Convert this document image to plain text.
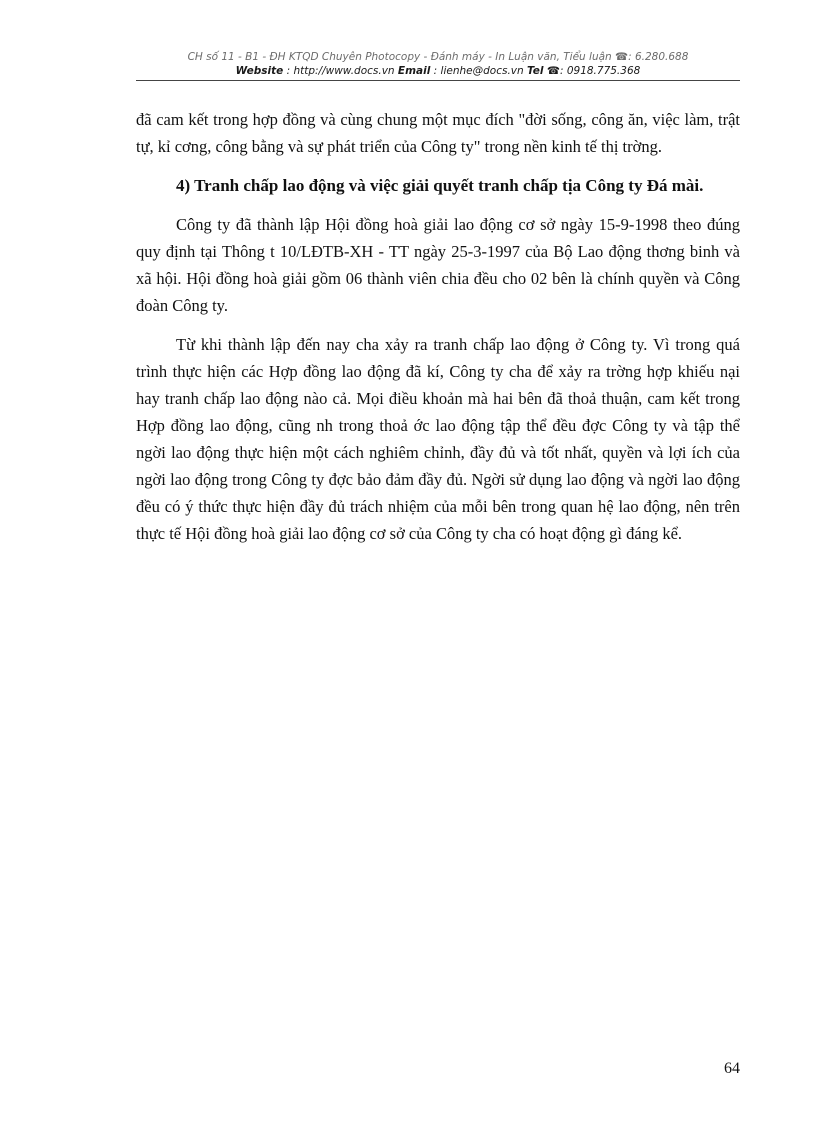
CH số 11 - B1 - ĐH KTQD Chuyên Photocopy - Đánh máy - In Luận văn, Tiểu luận ☎: 6.280.688
Website : http://www.docs.vn Email : lienhe@docs.vn Tel ☎: 0918.775.368

đã cam kết trong hợp đồng và cùng chung một mục đích "đời sống, công ăn, việc làm, trật tự, kỉ cơng, công bằng và sự phát triển của Công ty" trong nền kinh tế thị trờng.

4) Tranh chấp lao động và việc giải quyết tranh chấp tịa Công ty Đá mài.

Công ty đã thành lập Hội đồng hoà giải lao động cơ sở ngày 15-9-1998 theo đúng quy định tại Thông t 10/LĐTB-XH - TT ngày 25-3-1997 của Bộ Lao động thơng binh và xã hội. Hội đồng hoà giải gồm 06 thành viên chia đều cho 02 bên là chính quyền và Công đoàn Công ty.

Từ khi thành lập đến nay cha xảy ra tranh chấp lao động ở Công ty. Vì trong quá trình thực hiện các Hợp đồng lao động đã kí, Công ty cha để xảy ra trờng hợp khiếu nại hay tranh chấp lao động nào cả. Mọi điều khoản mà hai bên đã thoả thuận, cam kết trong Hợp đồng lao động, cũng nh trong thoả ớc lao động tập thể đều đợc Công ty và tập thể ngời lao động thực hiện một cách nghiêm chỉnh, đầy đủ và tốt nhất, quyền và lợi ích của ngời lao động trong Công ty đợc bảo đảm đầy đủ. Ngời sử dụng lao động và ngời lao động đều có ý thức thực hiện đầy đủ trách nhiệm của mỗi bên trong quan hệ lao động, nên trên thực tế Hội đồng hoà giải lao động cơ sở của Công ty cha có hoạt động gì đáng kể.

64
